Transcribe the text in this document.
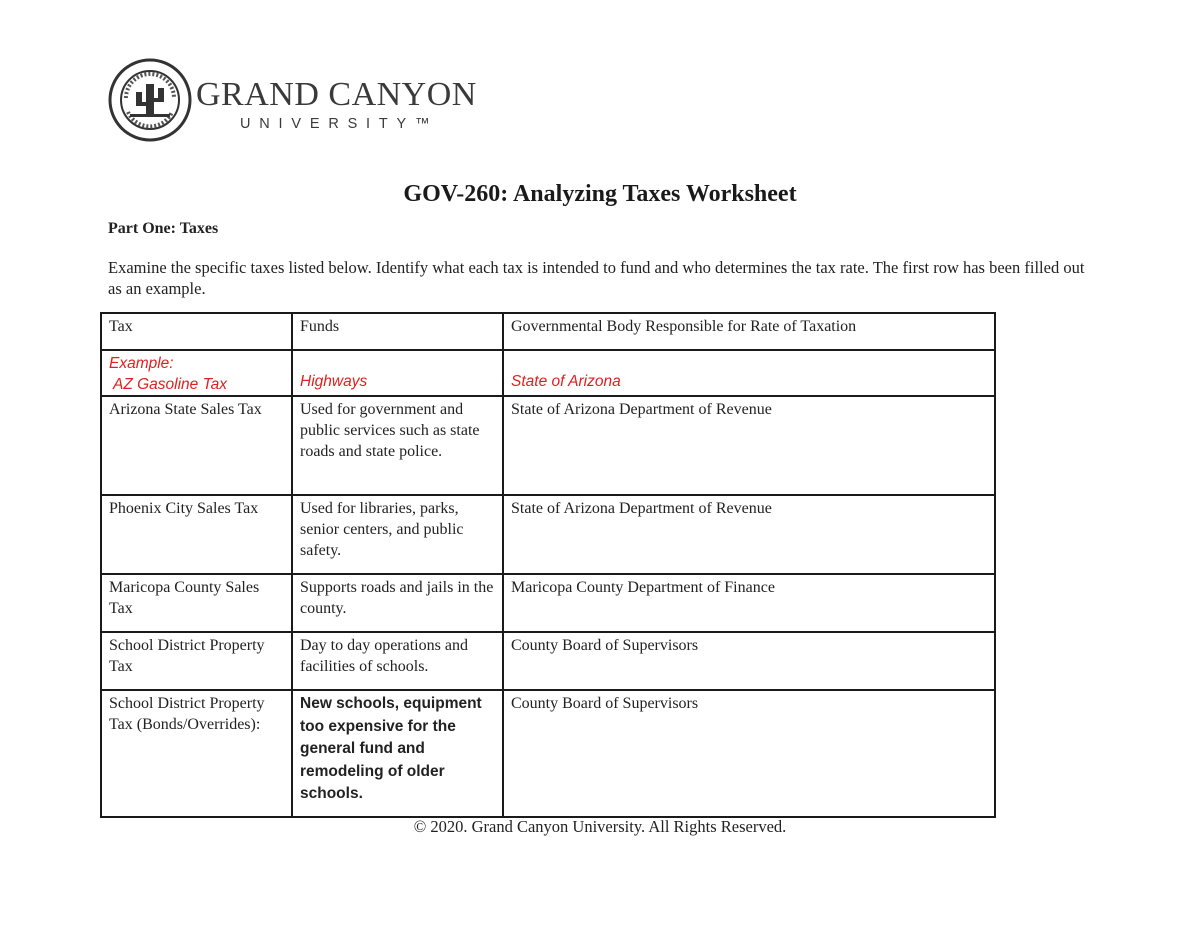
GRAND CANYON
UNIVERSITY™
GOV-260: Analyzing Taxes Worksheet
Part One: Taxes
Examine the specific taxes listed below. Identify what each tax is intended to fund and who determines the tax rate. The first row has been filled out as an example.
Tax	Funds	Governmental Body Responsible for Rate of Taxation

Example:
AZ Gasoline Tax	Highways	State of Arizona

Arizona State Sales Tax	Used for government and public services such as state roads and state police.	State of Arizona Department of Revenue
Phoenix City Sales Tax	Used for libraries, parks, senior centers, and public safety.	State of Arizona Department of Revenue
Maricopa County Sales Tax	Supports roads and jails in the county.	Maricopa County Department of Finance
School District Property Tax	Day to day operations and facilities of schools.	County Board of Supervisors
School District Property Tax (Bonds/Overrides):	New schools, equipment too expensive for the general fund and remodeling of older schools.	County Board of Supervisors
© 2020. Grand Canyon University. All Rights Reserved.
